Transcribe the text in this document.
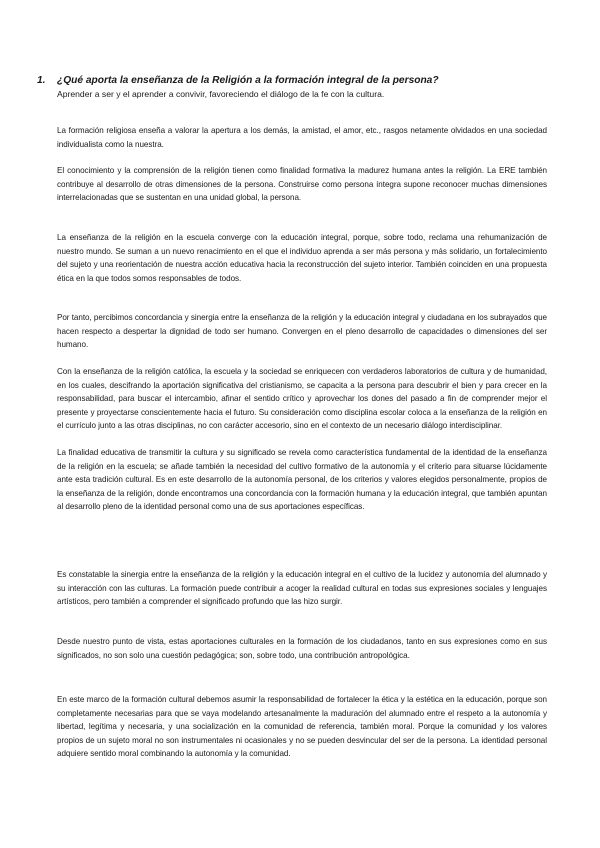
1. ¿Qué aporta la enseñanza de la Religión a la formación integral de la persona?
Aprender a ser y el aprender a convivir, favoreciendo el diálogo de la fe con la cultura.

La formación religiosa enseña a valorar la apertura a los demás, la amistad, el amor, etc., rasgos netamente olvidados en una sociedad individualista como la nuestra.

El conocimiento y la comprensión de la religión tienen como finalidad formativa la madurez humana antes la religión. La ERE también contribuye al desarrollo de otras dimensiones de la persona. Construirse como persona íntegra supone reconocer muchas dimensiones interrelacionadas que se sustentan en una unidad global, la persona.

La enseñanza de la religión en la escuela converge con la educación integral, porque, sobre todo, reclama una rehumanización de nuestro mundo. Se suman a un nuevo renacimiento en el que el individuo aprenda a ser más persona y más solidario, un fortalecimiento del sujeto y una reorientación de nuestra acción educativa hacia la reconstrucción del sujeto interior. También coinciden en una propuesta ética en la que todos somos responsables de todos.

Por tanto, percibimos concordancia y sinergia entre la enseñanza de la religión y la educación integral y ciudadana en los subrayados que hacen respecto a despertar la dignidad de todo ser humano. Convergen en el pleno desarrollo de capacidades o dimensiones del ser humano.

Con la enseñanza de la religión católica, la escuela y la sociedad se enriquecen con verdaderos laboratorios de cultura y de humanidad, en los cuales, descifrando la aportación significativa del cristianismo, se capacita a la persona para descubrir el bien y para crecer en la responsabilidad, para buscar el intercambio, afinar el sentido crítico y aprovechar los dones del pasado a fin de comprender mejor el presente y proyectarse conscientemente hacia el futuro. Su consideración como disciplina escolar coloca a la enseñanza de la religión en el currículo junto a las otras disciplinas, no con carácter accesorio, sino en el contexto de un necesario diálogo interdisciplinar.

La finalidad educativa de transmitir la cultura y su significado se revela como característica fundamental de la identidad de la enseñanza de la religión en la escuela; se añade también la necesidad del cultivo formativo de la autonomía y el criterio para situarse lúcidamente ante esta tradición cultural. Es en este desarrollo de la autonomía personal, de los criterios y valores elegidos personalmente, propios de la enseñanza de la religión, donde encontramos una concordancia con la formación humana y la educación integral, que también apuntan al desarrollo pleno de la identidad personal como una de sus aportaciones específicas.

Es constatable la sinergia entre la enseñanza de la religión y la educación integral en el cultivo de la lucidez y autonomía del alumnado y su interacción con las culturas. La formación puede contribuir a acoger la realidad cultural en todas sus expresiones sociales y lenguajes artísticos, pero también a comprender el significado profundo que las hizo surgir.

Desde nuestro punto de vista, estas aportaciones culturales en la formación de los ciudadanos, tanto en sus expresiones como en sus significados, no son solo una cuestión pedagógica; son, sobre todo, una contribución antropológica.

En este marco de la formación cultural debemos asumir la responsabilidad de fortalecer la ética y la estética en la educación, porque son completamente necesarias para que se vaya modelando artesanalmente la maduración del alumnado entre el respeto a la autonomía y libertad, legítima y necesaria, y una socialización en la comunidad de referencia, también moral. Porque la comunidad y los valores propios de un sujeto moral no son instrumentales ni ocasionales y no se pueden desvincular del ser de la persona. La identidad personal adquiere sentido moral combinando la autonomía y la comunidad.
